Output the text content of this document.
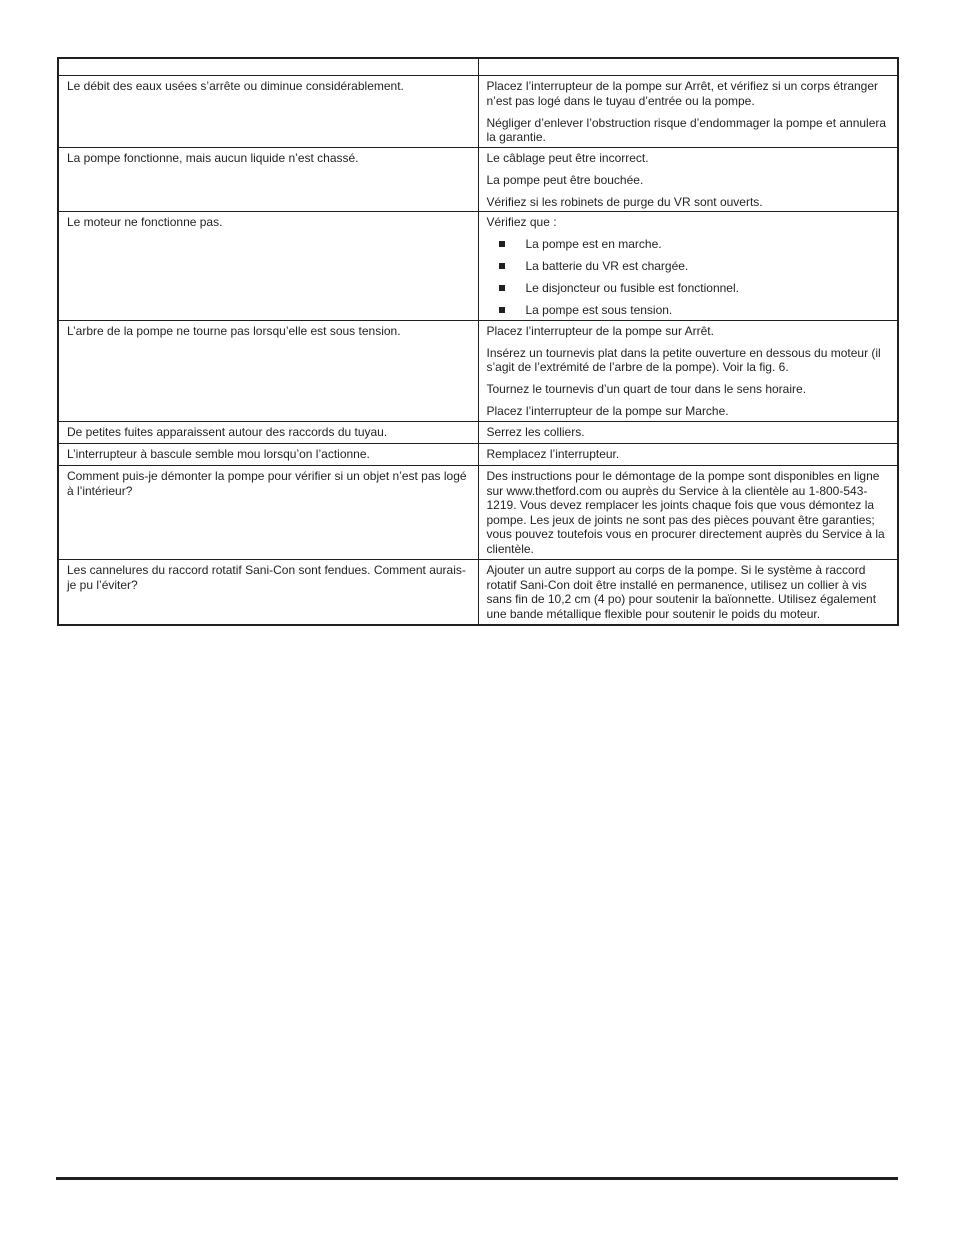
Le débit des eaux usées s’arrête ou diminue considérablement.	Placez l’interrupteur de la pompe sur Arrêt, et vérifiez si un corps étranger n’est pas logé dans le tuyau d’entrée ou la pompe.

Négliger d’enlever l’obstruction risque d’endommager la pompe et annulera la garantie.

La pompe fonctionne, mais aucun liquide n’est chassé.	Le câblage peut être incorrect.

La pompe peut être bouchée.

Vérifiez si les robinets de purge du VR sont ouverts.

Le moteur ne fonctionne pas.	Vérifiez que :

La pompe est en marche.
La batterie du VR est chargée.
Le disjoncteur ou fusible est fonctionnel.
La pompe est sous tension.

L’arbre de la pompe ne tourne pas lorsqu’elle est sous tension.	Placez l’interrupteur de la pompe sur Arrêt.

Insérez un tournevis plat dans la petite ouverture en dessous du moteur (il s’agit de l’extrémité de l’arbre de la pompe). Voir la fig. 6.

Tournez le tournevis d’un quart de tour dans le sens horaire.

Placez l’interrupteur de la pompe sur Marche.

De petites fuites apparaissent autour des raccords du tuyau.	Serrez les colliers.

L’interrupteur à bascule semble mou lorsqu’on l’actionne.	Remplacez l’interrupteur.

Comment puis-je démonter la pompe pour vérifier si un objet n’est pas logé à l’intérieur?	Des instructions pour le démontage de la pompe sont disponibles en ligne sur www.thetford.com ou auprès du Service à la clientèle au 1-800-543-1219. Vous devez remplacer les joints chaque fois que vous démontez la pompe. Les jeux de joints ne sont pas des pièces pouvant être garanties; vous pouvez toutefois vous en procurer directement auprès du Service à la clientèle.

Les cannelures du raccord rotatif Sani-Con sont fendues. Comment aurais-je pu l’éviter?	Ajouter un autre support au corps de la pompe. Si le système à raccord rotatif Sani-Con doit être installé en permanence, utilisez un collier à vis sans fin de 10,2 cm (4 po) pour soutenir la baïonnette. Utilisez également une bande métallique flexible pour soutenir le poids du moteur.
